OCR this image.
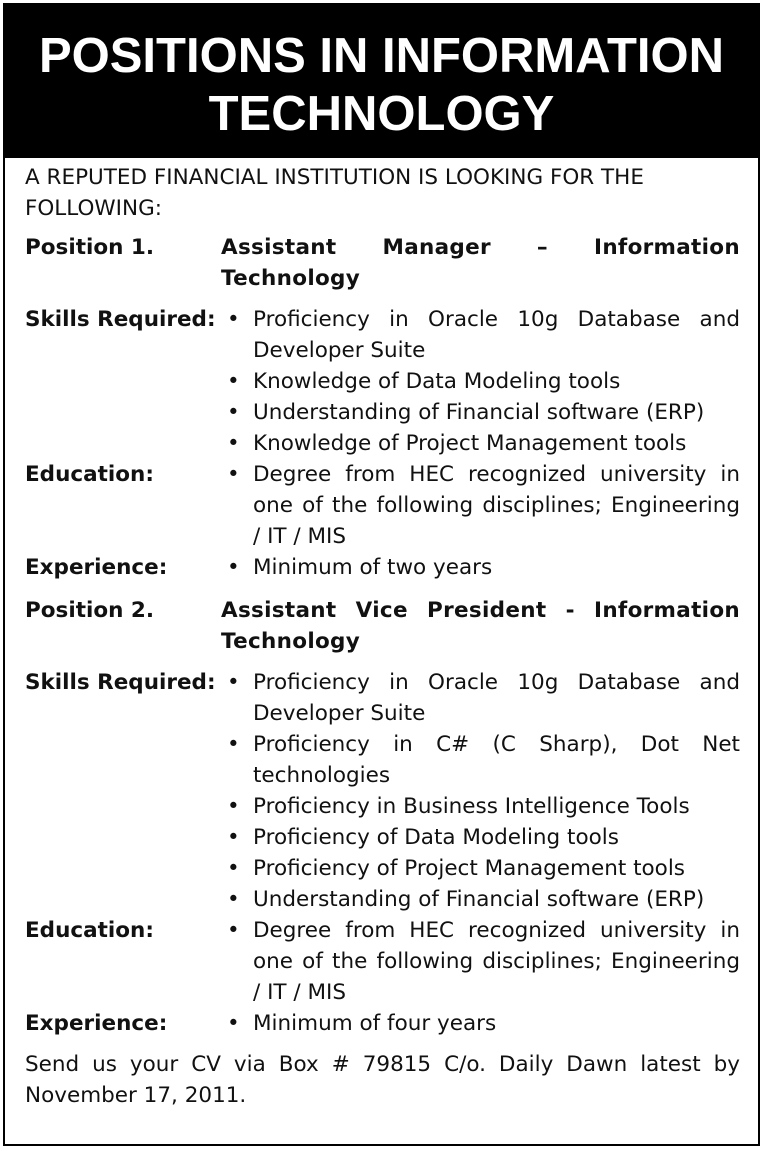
POSITIONS IN INFORMATION
TECHNOLOGY
A REPUTED FINANCIAL INSTITUTION IS LOOKING FOR THE FOLLOWING:
Position 1.	Assistant Manager – Information Technology
Skills Required:	• Proficiency in Oracle 10g Database and Developer Suite
• Knowledge of Data Modeling tools
• Understanding of Financial software (ERP)
• Knowledge of Project Management tools
Education:	• Degree from HEC recognized university in one of the following disciplines; Engineering / IT / MIS
Experience:	• Minimum of two years
Position 2.	Assistant Vice President - Information Technology
Skills Required:	• Proficiency in Oracle 10g Database and Developer Suite
• Proficiency in C# (C Sharp), Dot Net technologies
• Proficiency in Business Intelligence Tools
• Proficiency of Data Modeling tools
• Proficiency of Project Management tools
• Understanding of Financial software (ERP)
Education:	• Degree from HEC recognized university in one of the following disciplines; Engineering / IT / MIS
Experience:	• Minimum of four years
Send us your CV via Box # 79815 C/o. Daily Dawn latest by November 17, 2011.
